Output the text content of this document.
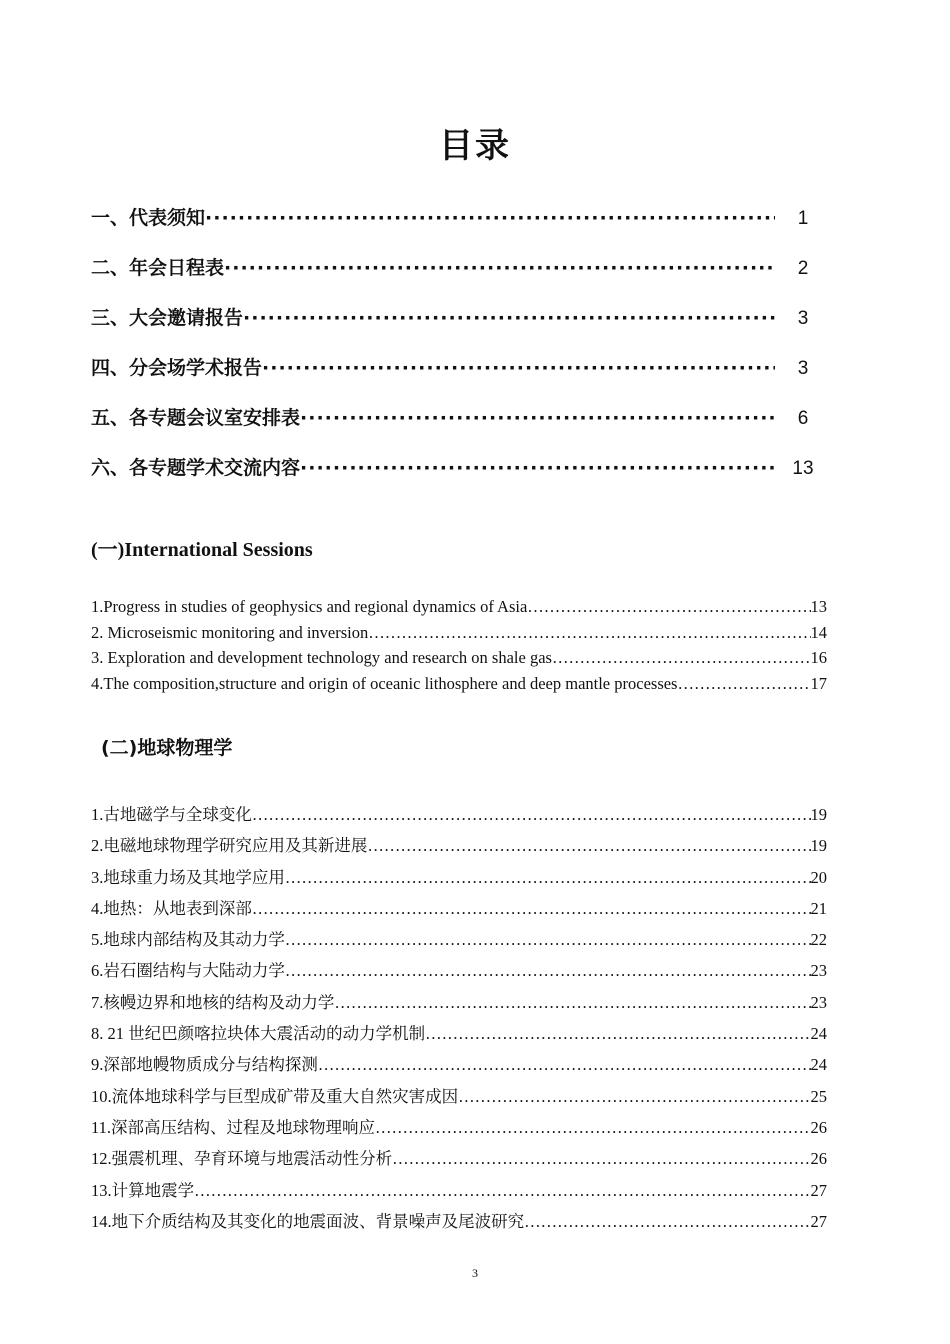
目录
一、代表须知 ·····	1
二、年会日程表 ·····	2
三、大会邀请报告 ·····	3
四、分会场学术报告 ·····	3
五、各专题会议室安排表 ·····	6
六、各专题学术交流内容 ·····	13
(一)International Sessions
1.Progress in studies of geophysics and regional dynamics of Asia ……………………………………………………………………………………………………………………………………………………………………………………	13
2. Microseismic monitoring and inversion ……………………………………………………………………………………………………………………………………………………………………………………	14
3. Exploration and development technology and research on shale gas ……………………………………………………………………………………………………………………………………………………………………………………	16
4.The composition,structure and origin of oceanic lithosphere and deep mantle processes ……………………………………………………………………………………………………………………………………………………………………………………	17
(二)地球物理学
1.古地磁学与全球变化 ……………………………………………………………………………………………………………………………………………………………………………………	19
2.电磁地球物理学研究应用及其新进展 ……………………………………………………………………………………………………………………………………………………………………………………	19
3.地球重力场及其地学应用 ……………………………………………………………………………………………………………………………………………………………………………………	20
4.地热：从地表到深部 ……………………………………………………………………………………………………………………………………………………………………………………	21
5.地球内部结构及其动力学 ……………………………………………………………………………………………………………………………………………………………………………………	22
6.岩石圈结构与大陆动力学 ……………………………………………………………………………………………………………………………………………………………………………………	23
7.核幔边界和地核的结构及动力学 ……………………………………………………………………………………………………………………………………………………………………………………	23
8. 21 世纪巴颜喀拉块体大震活动的动力学机制 ……………………………………………………………………………………………………………………………………………………………………………………	24
9.深部地幔物质成分与结构探测 ……………………………………………………………………………………………………………………………………………………………………………………	24
10.流体地球科学与巨型成矿带及重大自然灾害成因 ……………………………………………………………………………………………………………………………………………………………………………………	25
11.深部高压结构、过程及地球物理响应 ……………………………………………………………………………………………………………………………………………………………………………………	26
12.强震机理、孕育环境与地震活动性分析 ……………………………………………………………………………………………………………………………………………………………………………………	26
13.计算地震学 ……………………………………………………………………………………………………………………………………………………………………………………	27
14.地下介质结构及其变化的地震面波、背景噪声及尾波研究 ……………………………………………………………………………………………………………………………………………………………………………………	27
3
